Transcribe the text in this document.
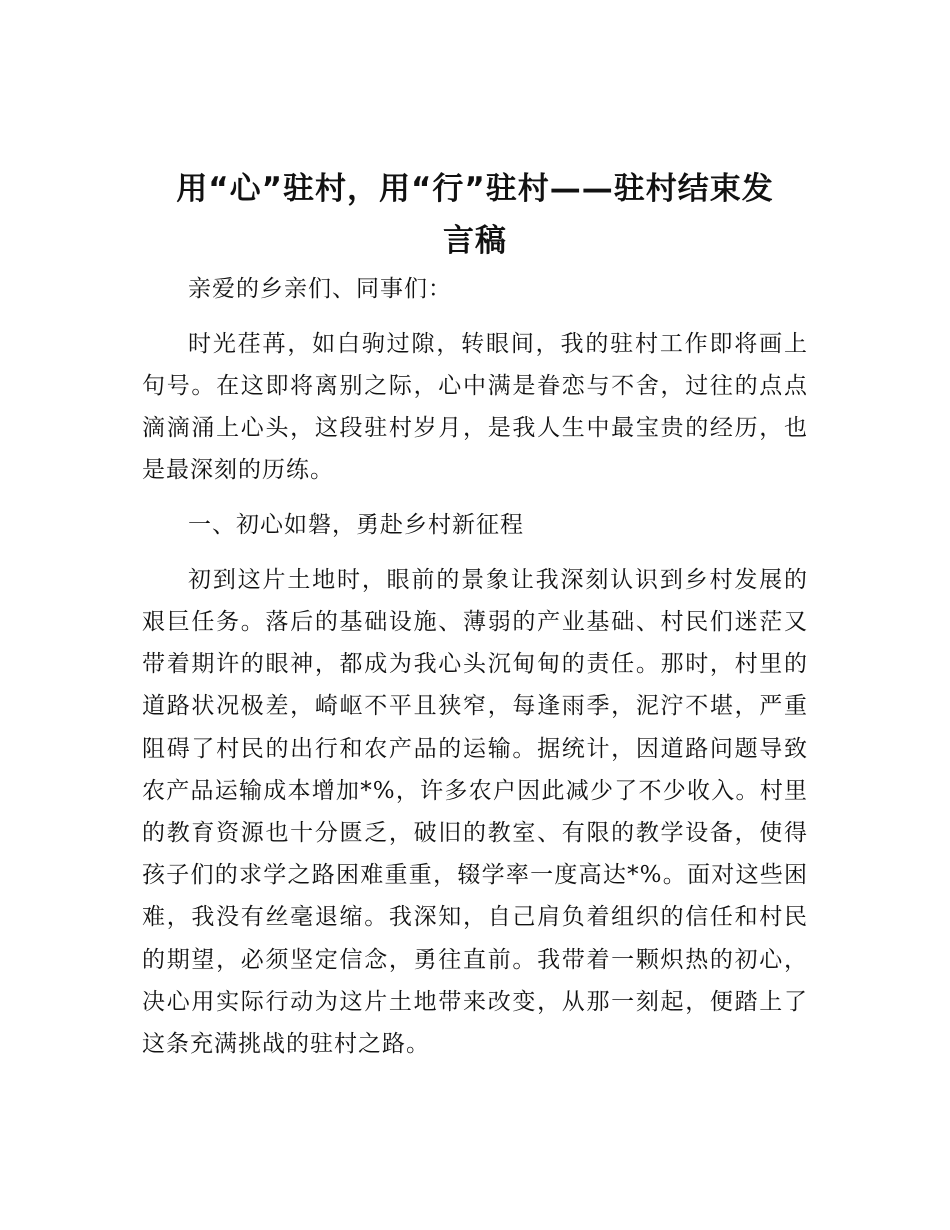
用“心”驻村，用“行”驻村——驻村结束发
言稿

亲爱的乡亲们、同事们：

时光荏苒，如白驹过隙，转眼间，我的驻村工作即将画上句号。在这即将离别之际，心中满是眷恋与不舍，过往的点点滴滴涌上心头，这段驻村岁月，是我人生中最宝贵的经历，也是最深刻的历练。

一、初心如磐，勇赴乡村新征程

初到这片土地时，眼前的景象让我深刻认识到乡村发展的艰巨任务。落后的基础设施、薄弱的产业基础、村民们迷茫又带着期许的眼神，都成为我心头沉甸甸的责任。那时，村里的道路状况极差，崎岖不平且狭窄，每逢雨季，泥泞不堪，严重阻碍了村民的出行和农产品的运输。据统计，因道路问题导致农产品运输成本增加*%，许多农户因此减少了不少收入。村里的教育资源也十分匮乏，破旧的教室、有限的教学设备，使得孩子们的求学之路困难重重，辍学率一度高达*%。面对这些困难，我没有丝毫退缩。我深知，自己肩负着组织的信任和村民的期望，必须坚定信念，勇往直前。我带着一颗炽热的初心，决心用实际行动为这片土地带来改变，从那一刻起，便踏上了这条充满挑战的驻村之路。
